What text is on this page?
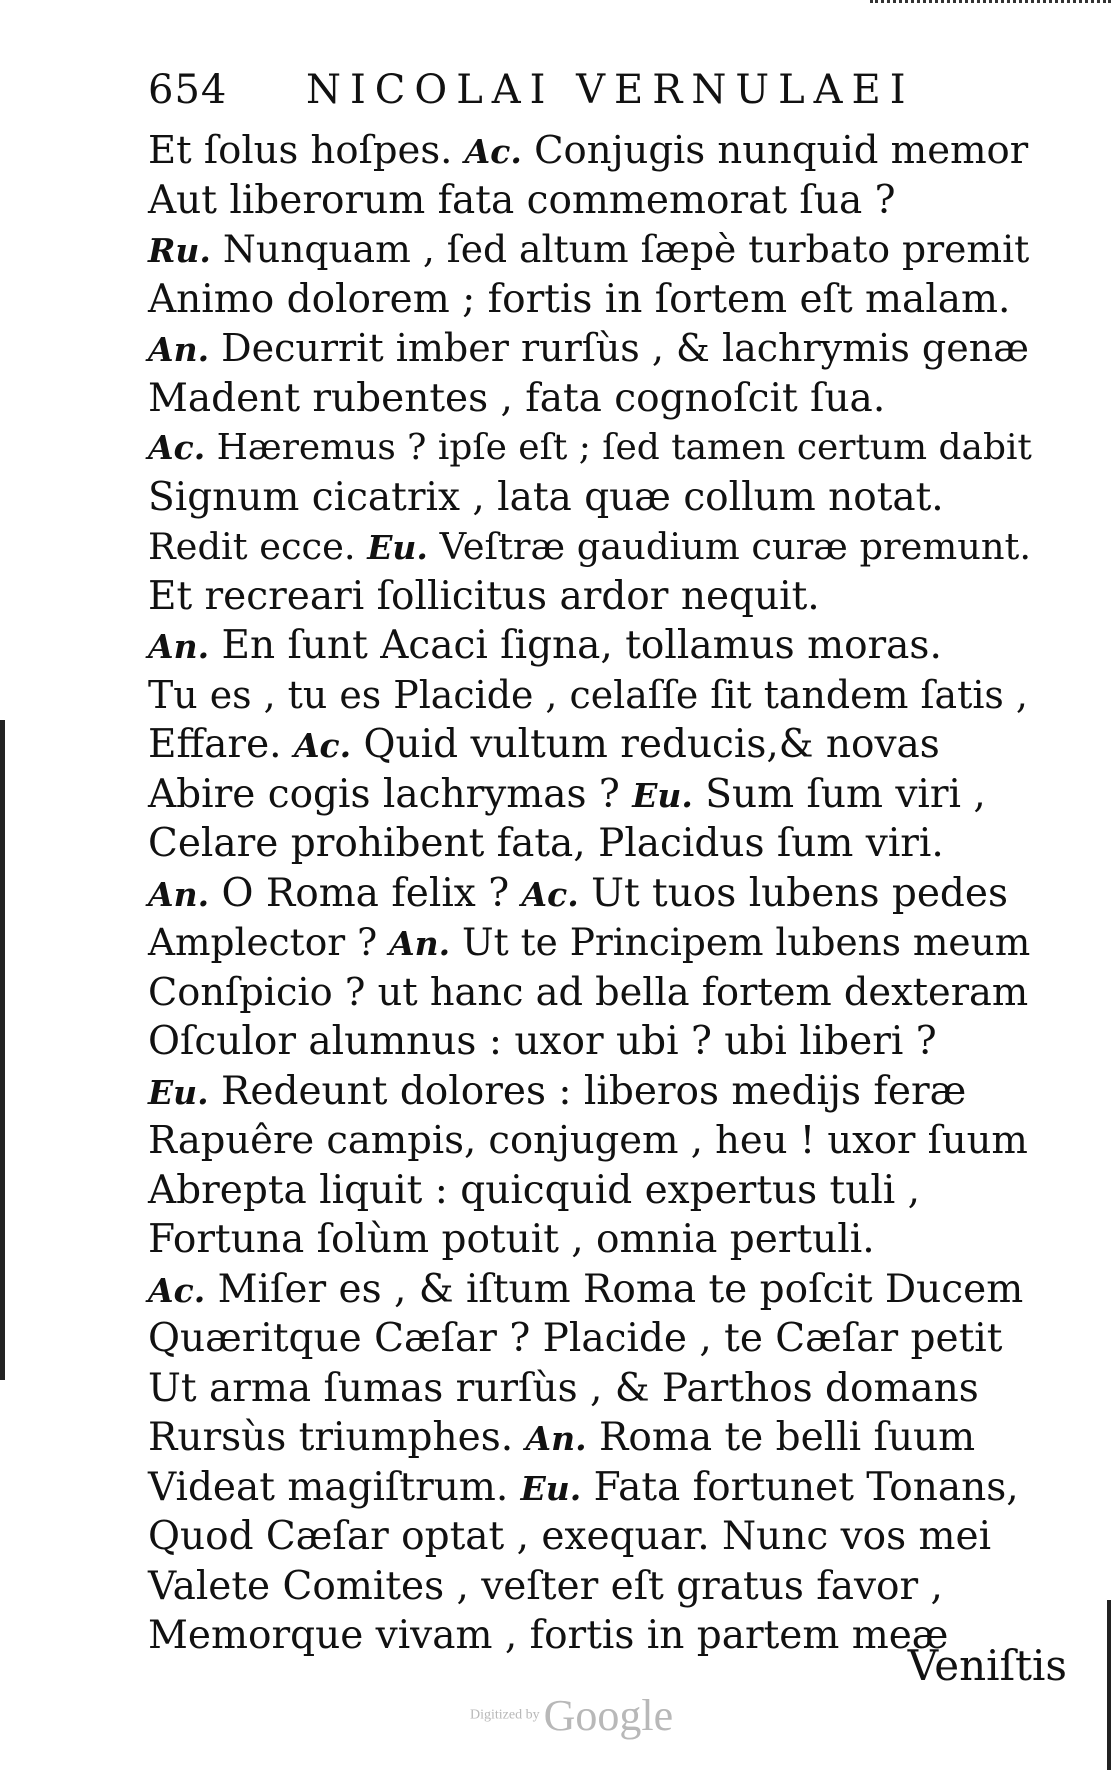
654 NICOLAI VERNULAEI
Et ſolus hoſpes. Ac. Conjugis nunquid memor
Aut liberorum fata commemorat ſua ?
Ru. Nunquam , ſed altum ſæpè turbato premit
Animo dolorem ; fortis in ſortem eſt malam.
An. Decurrit imber rurſùs , & lachrymis genæ
Madent rubentes , fata cognoſcit ſua.
Ac. Hæremus ? ipſe eſt ; ſed tamen certum dabit
Signum cicatrix , lata quæ collum notat.
Redit ecce. Eu. Veſtræ gaudium curæ premunt.
Et recreari ſollicitus ardor nequit.
An. En ſunt Acaci ſigna, tollamus moras.
Tu es , tu es Placide , celaſſe ſit tandem ſatis ,
Effare. Ac. Quid vultum reducis,& novas
Abire cogis lachrymas ? Eu. Sum ſum viri ,
Celare prohibent fata, Placidus ſum viri.
An. O Roma felix ? Ac. Ut tuos lubens pedes
Amplector ? An. Ut te Principem lubens meum
Conſpicio ? ut hanc ad bella fortem dexteram
Oſculor alumnus : uxor ubi ? ubi liberi ?
Eu. Redeunt dolores : liberos medijs feræ
Rapuêre campis, conjugem , heu ! uxor ſuum
Abrepta liquit : quicquid expertus tuli ,
Fortuna ſolùm potuit , omnia pertuli.
Ac. Miſer es , & iſtum Roma te poſcit Ducem
Quæritque Cæſar ? Placide , te Cæſar petit
Ut arma ſumas rurſùs , & Parthos domans
Rursùs triumphes. An. Roma te belli ſuum
Videat magiſtrum. Eu. Fata fortunet Tonans,
Quod Cæſar optat , exequar. Nunc vos mei
Valete Comites , veſter eſt gratus favor ,
Memorque vivam , fortis in partem meæ
Veniſtis
Digitized by Google
